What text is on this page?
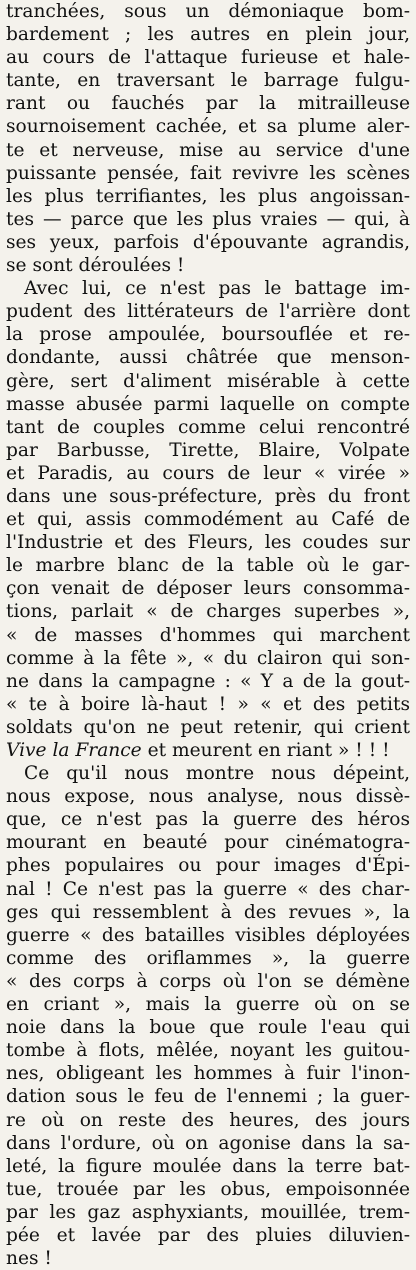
tranchées, sous un démoniaque bom-
bardement ; les autres en plein jour,
au cours de l'attaque furieuse et hale-
tante, en traversant le barrage fulgu-
rant ou fauchés par la mitrailleuse
sournoisement cachée, et sa plume aler-
te et nerveuse, mise au service d'une
puissante pensée, fait revivre les scènes
les plus terrifiantes, les plus angoissan-
tes — parce que les plus vraies — qui, à
ses yeux, parfois d'épouvante agrandis,
se sont déroulées !
Avec lui, ce n'est pas le battage im-
pudent des littérateurs de l'arrière dont
la prose ampoulée, boursouflée et re-
dondante, aussi châtrée que menson-
gère, sert d'aliment misérable à cette
masse abusée parmi laquelle on compte
tant de couples comme celui rencontré
par Barbusse, Tirette, Blaire, Volpate
et Paradis, au cours de leur « virée »
dans une sous-préfecture, près du front
et qui, assis commodément au Café de
l'Industrie et des Fleurs, les coudes sur
le marbre blanc de la table où le gar-
çon venait de déposer leurs consomma-
tions, parlait « de charges superbes »,
« de masses d'hommes qui marchent
comme à la fête », « du clairon qui son-
ne dans la campagne : « Y a de la gout-
« te à boire là-haut ! » « et des petits
soldats qu'on ne peut retenir, qui crient
Vive la France et meurent en riant » ! ! !
Ce qu'il nous montre nous dépeint,
nous expose, nous analyse, nous dissè-
que, ce n'est pas la guerre des héros
mourant en beauté pour cinématogra-
phes populaires ou pour images d'Épi-
nal ! Ce n'est pas la guerre « des char-
ges qui ressemblent à des revues », la
guerre « des batailles visibles déployées
comme des oriflammes », la guerre
« des corps à corps où l'on se démène
en criant », mais la guerre où on se
noie dans la boue que roule l'eau qui
tombe à flots, mêlée, noyant les guitou-
nes, obligeant les hommes à fuir l'inon-
dation sous le feu de l'ennemi ; la guer-
re où on reste des heures, des jours
dans l'ordure, où on agonise dans la sa-
leté, la figure moulée dans la terre bat-
tue, trouée par les obus, empoisonnée
par les gaz asphyxiants, mouillée, trem-
pée et lavée par des pluies diluvien-
nes !
